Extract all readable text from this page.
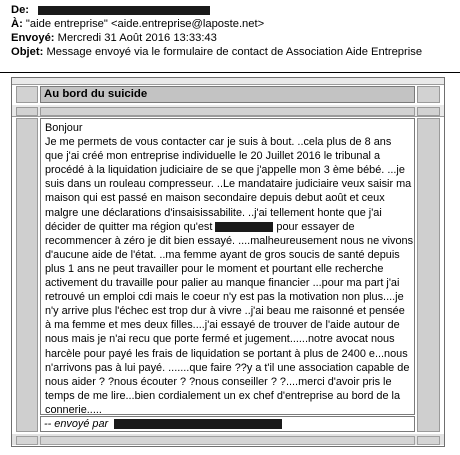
De:
À: "aide entreprise" <aide.entreprise@laposte.net>
Envoyé: Mercredi 31 Août 2016 13:33:43
Objet: Message envoyé via le formulaire de contact de Association Aide Entreprise
Au bord du suicide
Bonjour
Je me permets de vous contacter car je suis à bout. ..cela plus de 8 ans
que j'ai créé mon entreprise individuelle le 20 Juillet 2016 le tribunal a
procédé à la liquidation judiciaire de se que j'appelle mon 3 ème bébé. ...je
suis dans un rouleau compresseur. ..Le mandataire judiciaire veux saisir ma
maison qui est passé en maison secondaire depuis debut août et ceux
malgre une déclarations d'insaisissabilite. ..j'ai tellement honte que j'ai
décider de quitter ma région qu'est	pour essayer de
recommencer à zéro je dit bien essayé. ....malheureusement nous ne vivons
d'aucune aide de l'état. ..ma femme ayant de gros soucis de santé depuis
plus 1 ans ne peut travailler pour le moment et pourtant elle recherche
activement du travaille pour palier au manque financier ...pour ma part j'ai
retrouvé un emploi cdi mais le coeur n'y est pas la motivation non plus....je
n'y arrive plus l'échec est trop dur à vivre ..j'ai beau me raisonné et pensée
à ma femme et mes deux filles....j'ai essayé de trouver de l'aide autour de
nous mais je n'ai recu que porte fermé et jugement......notre avocat nous
harcèle pour payé les frais de liquidation se portant à plus de 2400 e...nous
n'arrivons pas à lui payé. .......que faire ??y a t'il une association capable de
nous aider ? ?nous écouter ? ?nous conseiller ? ?....merci d'avoir pris le
temps de me lire...bien cordialement un ex chef d'entreprise au bord de la
connerie.....
-- envoyé par
